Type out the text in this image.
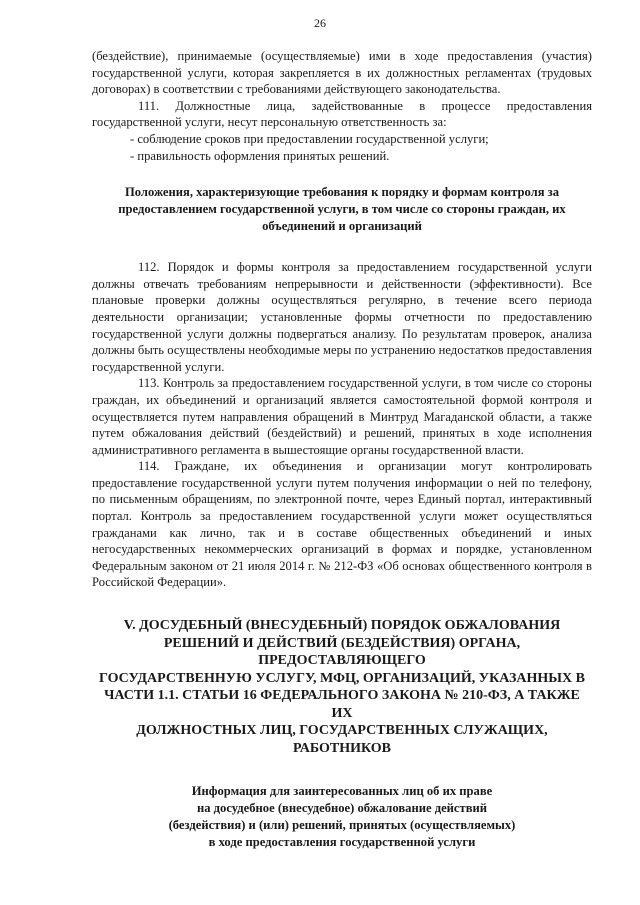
26

(бездействие), принимаемые (осуществляемые) ими в ходе предоставления (участия) государственной услуги, которая закрепляется в их должностных регламентах (трудовых договорах) в соответствии с требованиями действующего законодательства.

111. Должностные лица, задействованные в процессе предоставления государственной услуги, несут персональную ответственность за:

- соблюдение сроков при предоставлении государственной услуги;

- правильность оформления принятых решений.

Положения, характеризующие требования к порядку и формам контроля за предоставлением государственной услуги, в том числе со стороны граждан, их объединений и организаций

112. Порядок и формы контроля за предоставлением государственной услуги должны отвечать требованиям непрерывности и действенности (эффективности). Все плановые проверки должны осуществляться регулярно, в течение всего периода деятельности организации; установленные формы отчетности по предоставлению государственной услуги должны подвергаться анализу. По результатам проверок, анализа должны быть осуществлены необходимые меры по устранению недостатков предоставления государственной услуги.

113. Контроль за предоставлением государственной услуги, в том числе со стороны граждан, их объединений и организаций является самостоятельной формой контроля и осуществляется путем направления обращений в Минтруд Магаданской области, а также путем обжалования действий (бездействий) и решений, принятых в ходе исполнения административного регламента в вышестоящие органы государственной власти.

114. Граждане, их объединения и организации могут контролировать предоставление государственной услуги путем получения информации о ней по телефону, по письменным обращениям, по электронной почте, через Единый портал, интерактивный портал. Контроль за предоставлением государственной услуги может осуществляться гражданами как лично, так и в составе общественных объединений и иных негосударственных некоммерческих организаций в формах и порядке, установленном Федеральным законом от 21 июля 2014 г. № 212-ФЗ «Об основах общественного контроля в Российской Федерации».

V. ДОСУДЕБНЫЙ (ВНЕСУДЕБНЫЙ) ПОРЯДОК ОБЖАЛОВАНИЯ
РЕШЕНИЙ И ДЕЙСТВИЙ (БЕЗДЕЙСТВИЯ) ОРГАНА, ПРЕДОСТАВЛЯЮЩЕГО
ГОСУДАРСТВЕННУЮ УСЛУГУ, МФЦ, ОРГАНИЗАЦИЙ, УКАЗАННЫХ В
ЧАСТИ 1.1. СТАТЬИ 16 ФЕДЕРАЛЬНОГО ЗАКОНА № 210-ФЗ, А ТАКЖЕ ИХ
ДОЛЖНОСТНЫХ ЛИЦ, ГОСУДАРСТВЕННЫХ СЛУЖАЩИХ, РАБОТНИКОВ
Информация для заинтересованных лиц об их праве
на досудебное (внесудебное) обжалование действий
(бездействия) и (или) решений, принятых (осуществляемых)
в ходе предоставления государственной услуги
